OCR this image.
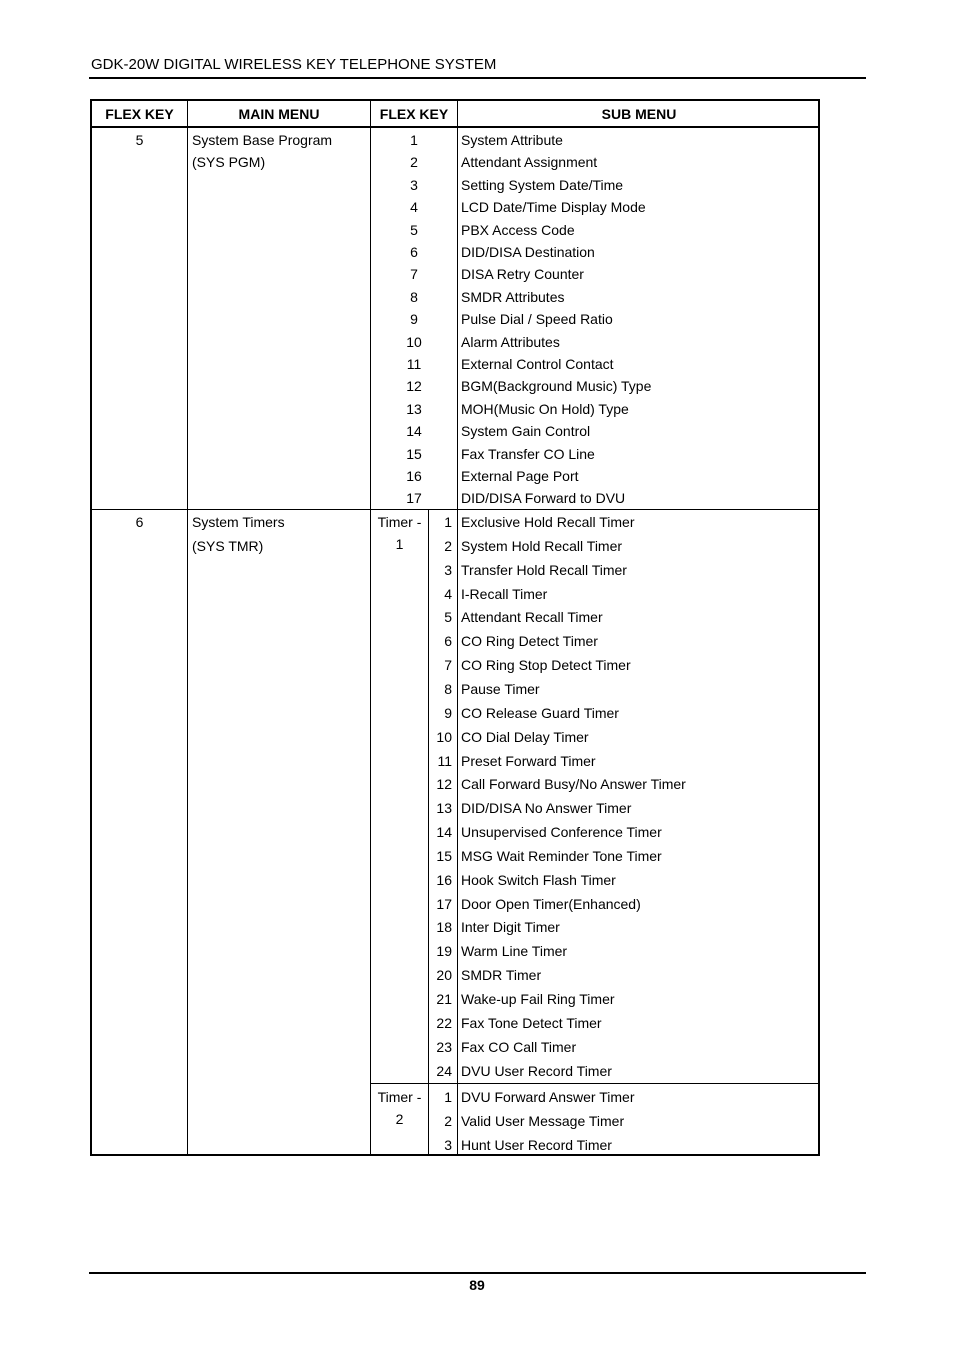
GDK-20W DIGITAL WIRELESS KEY TELEPHONE SYSTEM
FLEX KEY	MAIN MENU	FLEX KEY	SUB MENU
5	System Base Program
(SYS PGM)
1	System Attribute
2	Attendant Assignment
3	Setting System Date/Time
4	LCD Date/Time Display Mode
5	PBX Access Code
6	DID/DISA Destination
7	DISA Retry Counter
8	SMDR Attributes
9	Pulse Dial / Speed Ratio
10	Alarm Attributes
11	External Control Contact
12	BGM(Background Music) Type
13	MOH(Music On Hold) Type
14	System Gain Control
15	Fax Transfer CO Line
16	External Page Port
17	DID/DISA Forward to DVU
6	System Timers
(SYS TMR)
Timer -
1
1 Exclusive Hold Recall Timer
2 System Hold Recall Timer
3 Transfer Hold Recall Timer
4 I-Recall Timer
5 Attendant Recall Timer
6 CO Ring Detect Timer
7 CO Ring Stop Detect Timer
8 Pause Timer
9 CO Release Guard Timer
10 CO Dial Delay Timer
11 Preset Forward Timer
12 Call Forward Busy/No Answer Timer
13 DID/DISA No Answer Timer
14 Unsupervised Conference Timer
15 MSG Wait Reminder Tone Timer
16 Hook Switch Flash Timer
17 Door Open Timer(Enhanced)
18 Inter Digit Timer
19 Warm Line Timer
20 SMDR Timer
21 Wake-up Fail Ring Timer
22 Fax Tone Detect Timer
23 Fax CO Call Timer
24 DVU User Record Timer
Timer -
2
1 DVU Forward Answer Timer
2 Valid User Message Timer
3 Hunt User Record Timer
89
